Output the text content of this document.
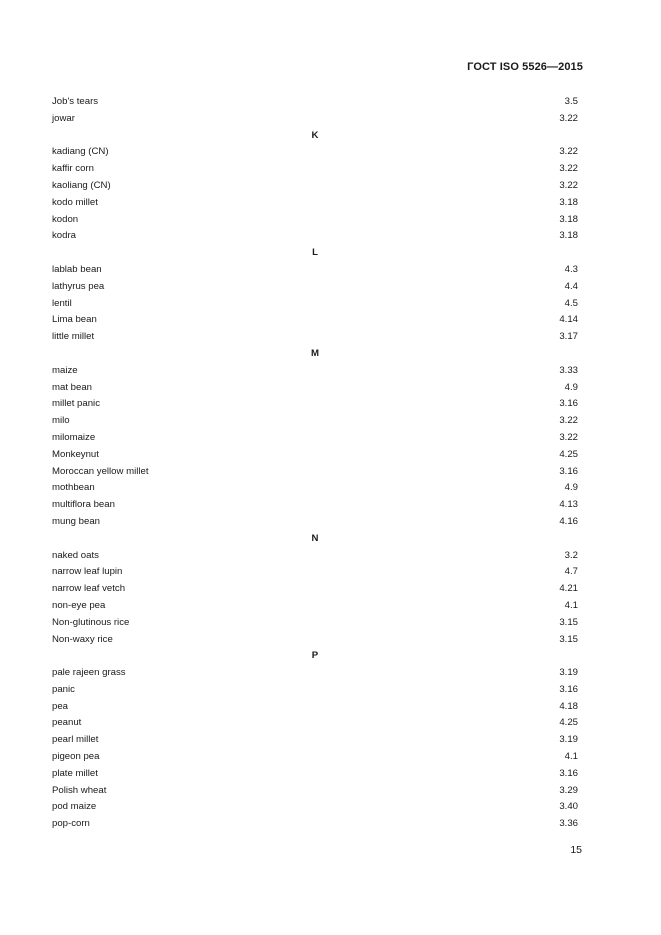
ГОСТ ISO 5526—2015
Job's tears	3.5
jowar	3.22
K
kadiang (CN)	3.22
kaffir corn	3.22
kaoliang (CN)	3.22
kodo millet	3.18
kodon	3.18
kodra	3.18
L
lablab bean	4.3
lathyrus pea	4.4
lentil	4.5
Lima bean	4.14
little millet	3.17
M
maize	3.33
mat bean	4.9
millet panic	3.16
milo	3.22
milomaize	3.22
Monkeynut	4.25
Moroccan yellow millet	3.16
mothbean	4.9
multiflora bean	4.13
mung bean	4.16
N
naked oats	3.2
narrow leaf lupin	4.7
narrow leaf vetch	4.21
non-eye pea	4.1
Non-glutinous rice	3.15
Non-waxy rice	3.15
P
pale rajeen grass	3.19
panic	3.16
pea	4.18
peanut	4.25
pearl millet	3.19
pigeon pea	4.1
plate millet	3.16
Polish wheat	3.29
pod maize	3.40
pop-corn	3.36
15
